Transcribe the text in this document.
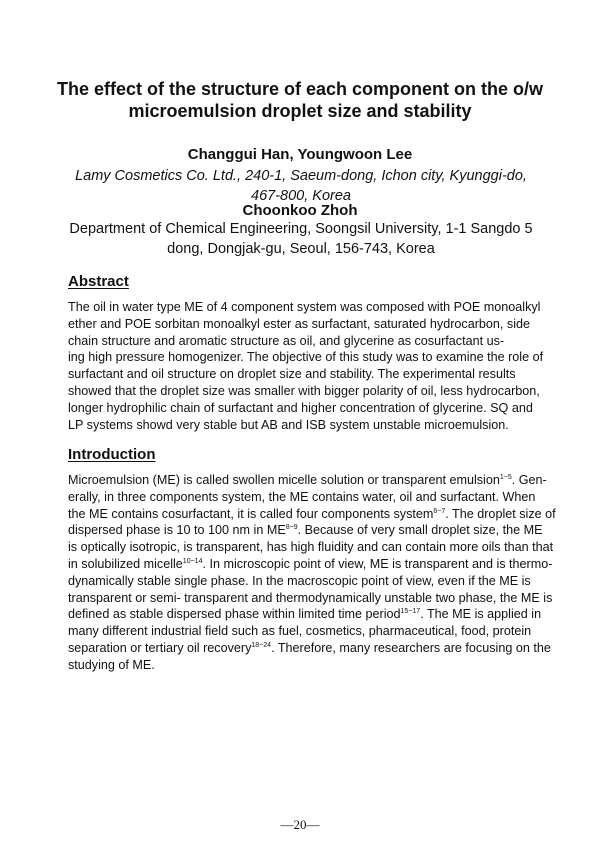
The effect of the structure of each component on the o/w
microemulsion droplet size and stability
Changgui Han, Youngwoon Lee
Lamy Cosmetics Co. Ltd., 240-1, Saeum-dong, Ichon city, Kyunggi-do, 467-800, Korea
Choonkoo Zhoh
Department of Chemical Engineering, Soongsil University, 1-1 Sangdo 5 dong, Dongjak-gu, Seoul, 156-743, Korea
Abstract
The oil in water type ME of 4 component system was composed with POE monoalkyl
ether and POE sorbitan monoalkyl ester as surfactant, saturated hydrocarbon, side
chain structure and aromatic structure as oil, and glycerine as cosurfactant us-
ing high pressure homogenizer. The objective of this study was to examine the role of
surfactant and oil structure on droplet size and stability. The experimental results
showed that the droplet size was smaller with bigger polarity of oil, less hydrocarbon,
longer hydrophilic chain of surfactant and higher concentration of glycerine. SQ and
LP systems showd very stable but AB and ISB system unstable microemulsion.
Introduction
Microemulsion (ME) is called swollen micelle solution or transparent emulsion$^{1\sim 5}$. Gen-
erally, in three components system, the ME contains water, oil and surfactant. When
the ME contains cosurfactant, it is called four components system$^{6\sim 7}$. The droplet size of
dispersed phase is 10 to 100 nm in $ME^{8\sim 9}$. Because of very small droplet size, the ME
is optically isotropic, is transparent, has high fluidity and can contain more oils than that
in solubilized micelle$^{10\sim 14}$. In microscopic point of view, ME is transparent and is thermo-
dynamically stable single phase. In the macroscopic point of view, even if the ME is
transparent or semi- transparent and thermodynamically unstable two phase, the ME is
defined as stable dispersed phase within limited time period$^{15\sim 17}$. The ME is applied in
many different industrial field such as fuel, cosmetics, pharmaceutical, food, protein
separation or tertiary oil recovery$^{18\sim 24}$. Therefore, many researchers are focusing on the
studying of ME.
—20—
